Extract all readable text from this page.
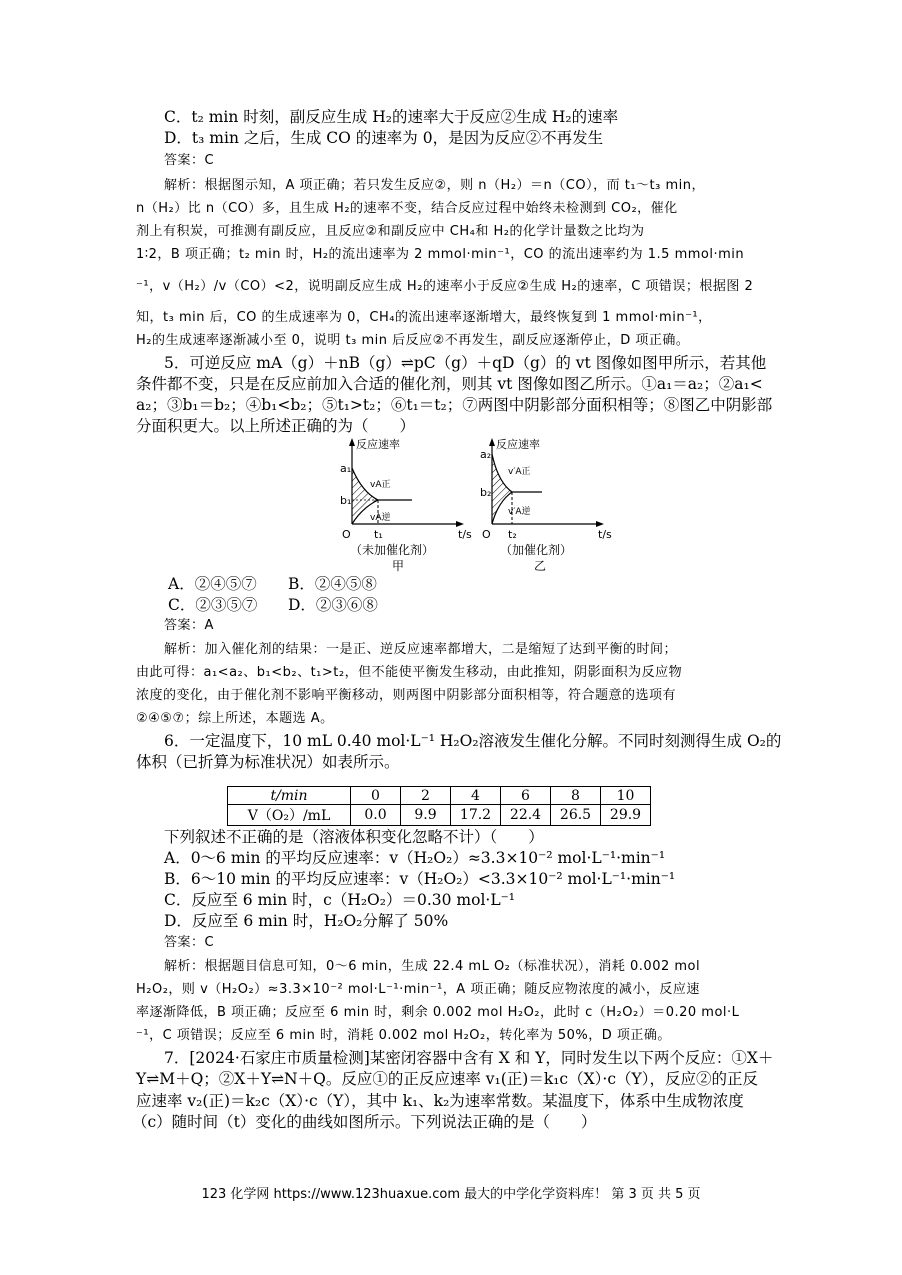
C．t₂ min 时刻，副反应生成 H₂的速率大于反应②生成 H₂的速率
D．t₃ min 之后，生成 CO 的速率为 0，是因为反应②不再发生
答案：C
解析：根据图示知，A 项正确；若只发生反应②，则 n（H₂）＝n（CO），而 t₁～t₃ min，
n（H₂）比 n（CO）多，且生成 H₂的速率不变，结合反应过程中始终未检测到 CO₂，催化
剂上有积炭，可推测有副反应，且反应②和副反应中 CH₄和 H₂的化学计量数之比均为
1∶2，B 项正确；t₂ min 时，H₂的流出速率为 2 mmol·min⁻¹，CO 的流出速率约为 1.5 mmol·min
⁻¹，v（H₂）/v（CO）<2，说明副反应生成 H₂的速率小于反应②生成 H₂的速率，C 项错误；根据图 2
知，t₃ min 后，CO 的生成速率为 0，CH₄的流出速率逐渐增大，最终恢复到 1 mmol·min⁻¹，
H₂的生成速率逐渐减小至 0，说明 t₃ min 后反应②不再发生，副反应逐渐停止，D 项正确。
5．可逆反应 mA（g）＋nB（g）⇌pC（g）＋qD（g）的 vt 图像如图甲所示，若其他
条件都不变，只是在反应前加入合适的催化剂，则其 vt 图像如图乙所示。①a₁＝a₂；②a₁<
a₂；③b₁＝b₂；④b₁<b₂；⑤t₁>t₂；⑥t₁＝t₂；⑦两图中阴影部分面积相等；⑧图乙中阴影部
分面积更大。以上所述正确的为（　　）
反应速率
a₁
b₁
O t₁	t/s
vA正
vA逆
（未加催化剂）
甲
反应速率
a₂
b₂
O t₂	t/s
v′A正
v′A逆
（加催化剂）
乙
A．②④⑤⑦ B．②④⑤⑧
C．②③⑤⑦ D．②③⑥⑧
答案：A
解析：加入催化剂的结果：一是正、逆反应速率都增大，二是缩短了达到平衡的时间；
由此可得：a₁<a₂、b₁<b₂、t₁>t₂，但不能使平衡发生移动，由此推知，阴影面积为反应物
浓度的变化，由于催化剂不影响平衡移动，则两图中阴影部分面积相等，符合题意的选项有
②④⑤⑦；综上所述，本题选 A。
6．一定温度下，10 mL 0.40 mol·L⁻¹ H₂O₂溶液发生催化分解。不同时刻测得生成 O₂的
体积（已折算为标准状况）如表所示。
t/min	0	2	4	6	8	10
V（O₂）/mL	0.0	9.9	17.2	22.4	26.5	29.9
下列叙述不正确的是（溶液体积变化忽略不计）（　　）
A．0～6 min 的平均反应速率：v（H₂O₂）≈3.3×10⁻² mol·L⁻¹·min⁻¹
B．6～10 min 的平均反应速率：v（H₂O₂）<3.3×10⁻² mol·L⁻¹·min⁻¹
C．反应至 6 min 时，c（H₂O₂）＝0.30 mol·L⁻¹
D．反应至 6 min 时，H₂O₂分解了 50%
答案：C
解析：根据题目信息可知，0～6 min，生成 22.4 mL O₂（标准状况），消耗 0.002 mol
H₂O₂，则 v（H₂O₂）≈3.3×10⁻² mol·L⁻¹·min⁻¹，A 项正确；随反应物浓度的减小，反应速
率逐渐降低，B 项正确；反应至 6 min 时，剩余 0.002 mol H₂O₂，此时 c（H₂O₂）＝0.20 mol·L
⁻¹，C 项错误；反应至 6 min 时，消耗 0.002 mol H₂O₂，转化率为 50%，D 项正确。
7．[2024·石家庄市质量检测]某密闭容器中含有 X 和 Y，同时发生以下两个反应：①X＋
Y⇌M＋Q；②X＋Y⇌N＋Q。反应①的正反应速率 v₁(正)＝k₁c（X）·c（Y），反应②的正反
应速率 v₂(正)＝k₂c（X）·c（Y），其中 k₁、k₂为速率常数。某温度下，体系中生成物浓度
（c）随时间（t）变化的曲线如图所示。下列说法正确的是（　　）
123 化学网 https://www.123huaxue.com 最大的中学化学资料库！ 第 3 页 共 5 页
